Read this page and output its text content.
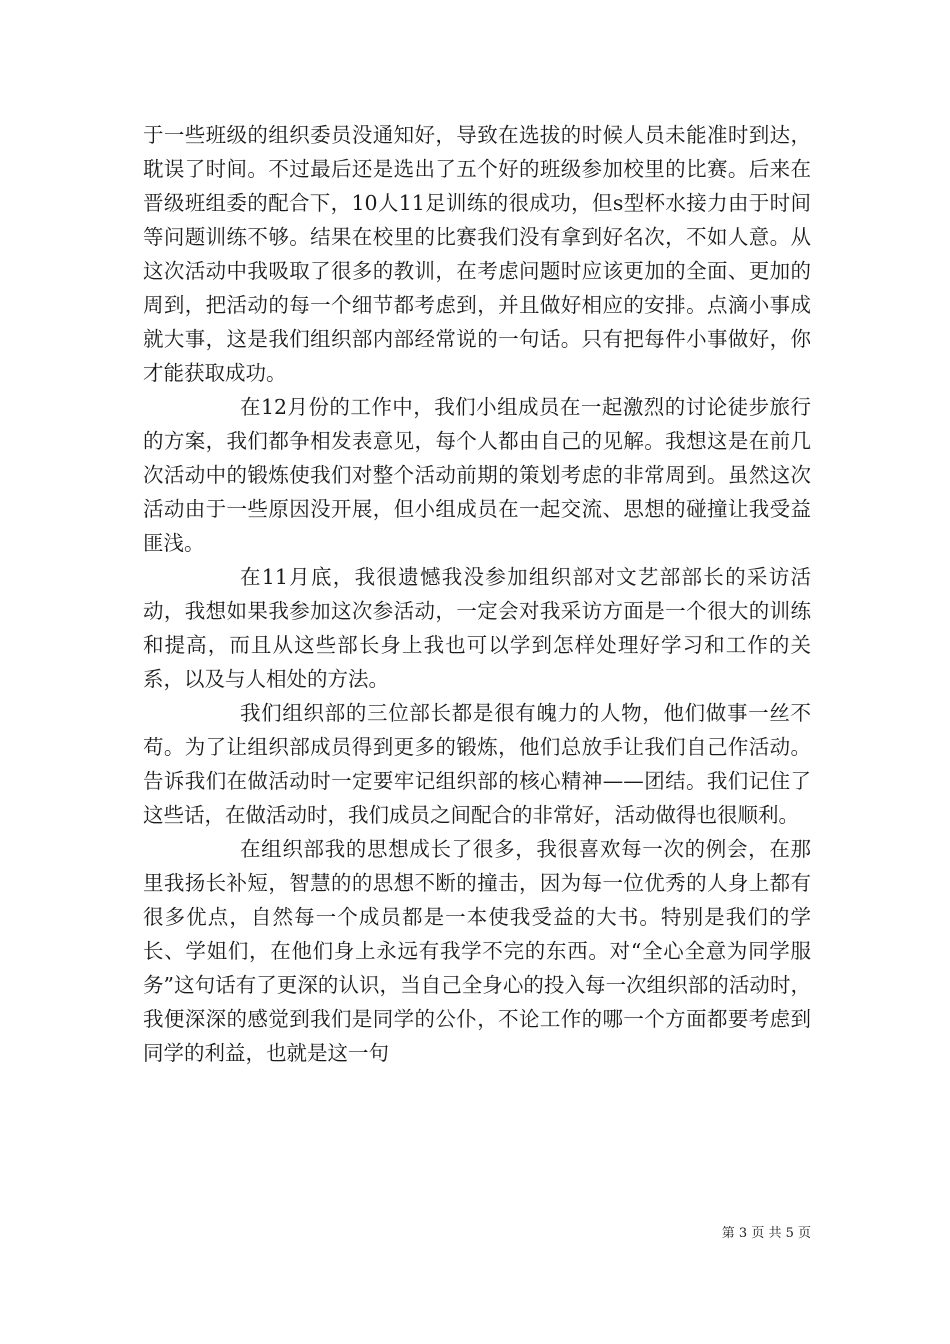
于一些班级的组织委员没通知好，导致在选拔的时候人员未能准时到达，耽误了时间。不过最后还是选出了五个好的班级参加校里的比赛。后来在晋级班组委的配合下，10人11足训练的很成功，但s型杯水接力由于时间等问题训练不够。结果在校里的比赛我们没有拿到好名次，不如人意。从这次活动中我吸取了很多的教训，在考虑问题时应该更加的全面、更加的周到，把活动的每一个细节都考虑到，并且做好相应的安排。点滴小事成就大事，这是我们组织部内部经常说的一句话。只有把每件小事做好，你才能获取成功。

在12月份的工作中，我们小组成员在一起激烈的讨论徒步旅行的方案，我们都争相发表意见，每个人都由自己的见解。我想这是在前几次活动中的锻炼使我们对整个活动前期的策划考虑的非常周到。虽然这次活动由于一些原因没开展，但小组成员在一起交流、思想的碰撞让我受益匪浅。

在11月底，我很遗憾我没参加组织部对文艺部部长的采访活动，我想如果我参加这次参活动，一定会对我采访方面是一个很大的训练和提高，而且从这些部长身上我也可以学到怎样处理好学习和工作的关系，以及与人相处的方法。

我们组织部的三位部长都是很有魄力的人物，他们做事一丝不苟。为了让组织部成员得到更多的锻炼，他们总放手让我们自己作活动。告诉我们在做活动时一定要牢记组织部的核心精神——团结。我们记住了这些话，在做活动时，我们成员之间配合的非常好，活动做得也很顺利。

在组织部我的思想成长了很多，我很喜欢每一次的例会，在那里我扬长补短，智慧的的思想不断的撞击，因为每一位优秀的人身上都有很多优点，自然每一个成员都是一本使我受益的大书。特别是我们的学长、学姐们，在他们身上永远有我学不完的东西。对“全心全意为同学服务”这句话有了更深的认识，当自己全身心的投入每一次组织部的活动时，我便深深的感觉到我们是同学的公仆，不论工作的哪一个方面都要考虑到同学的利益，也就是这一句

第 3 页 共 5 页
